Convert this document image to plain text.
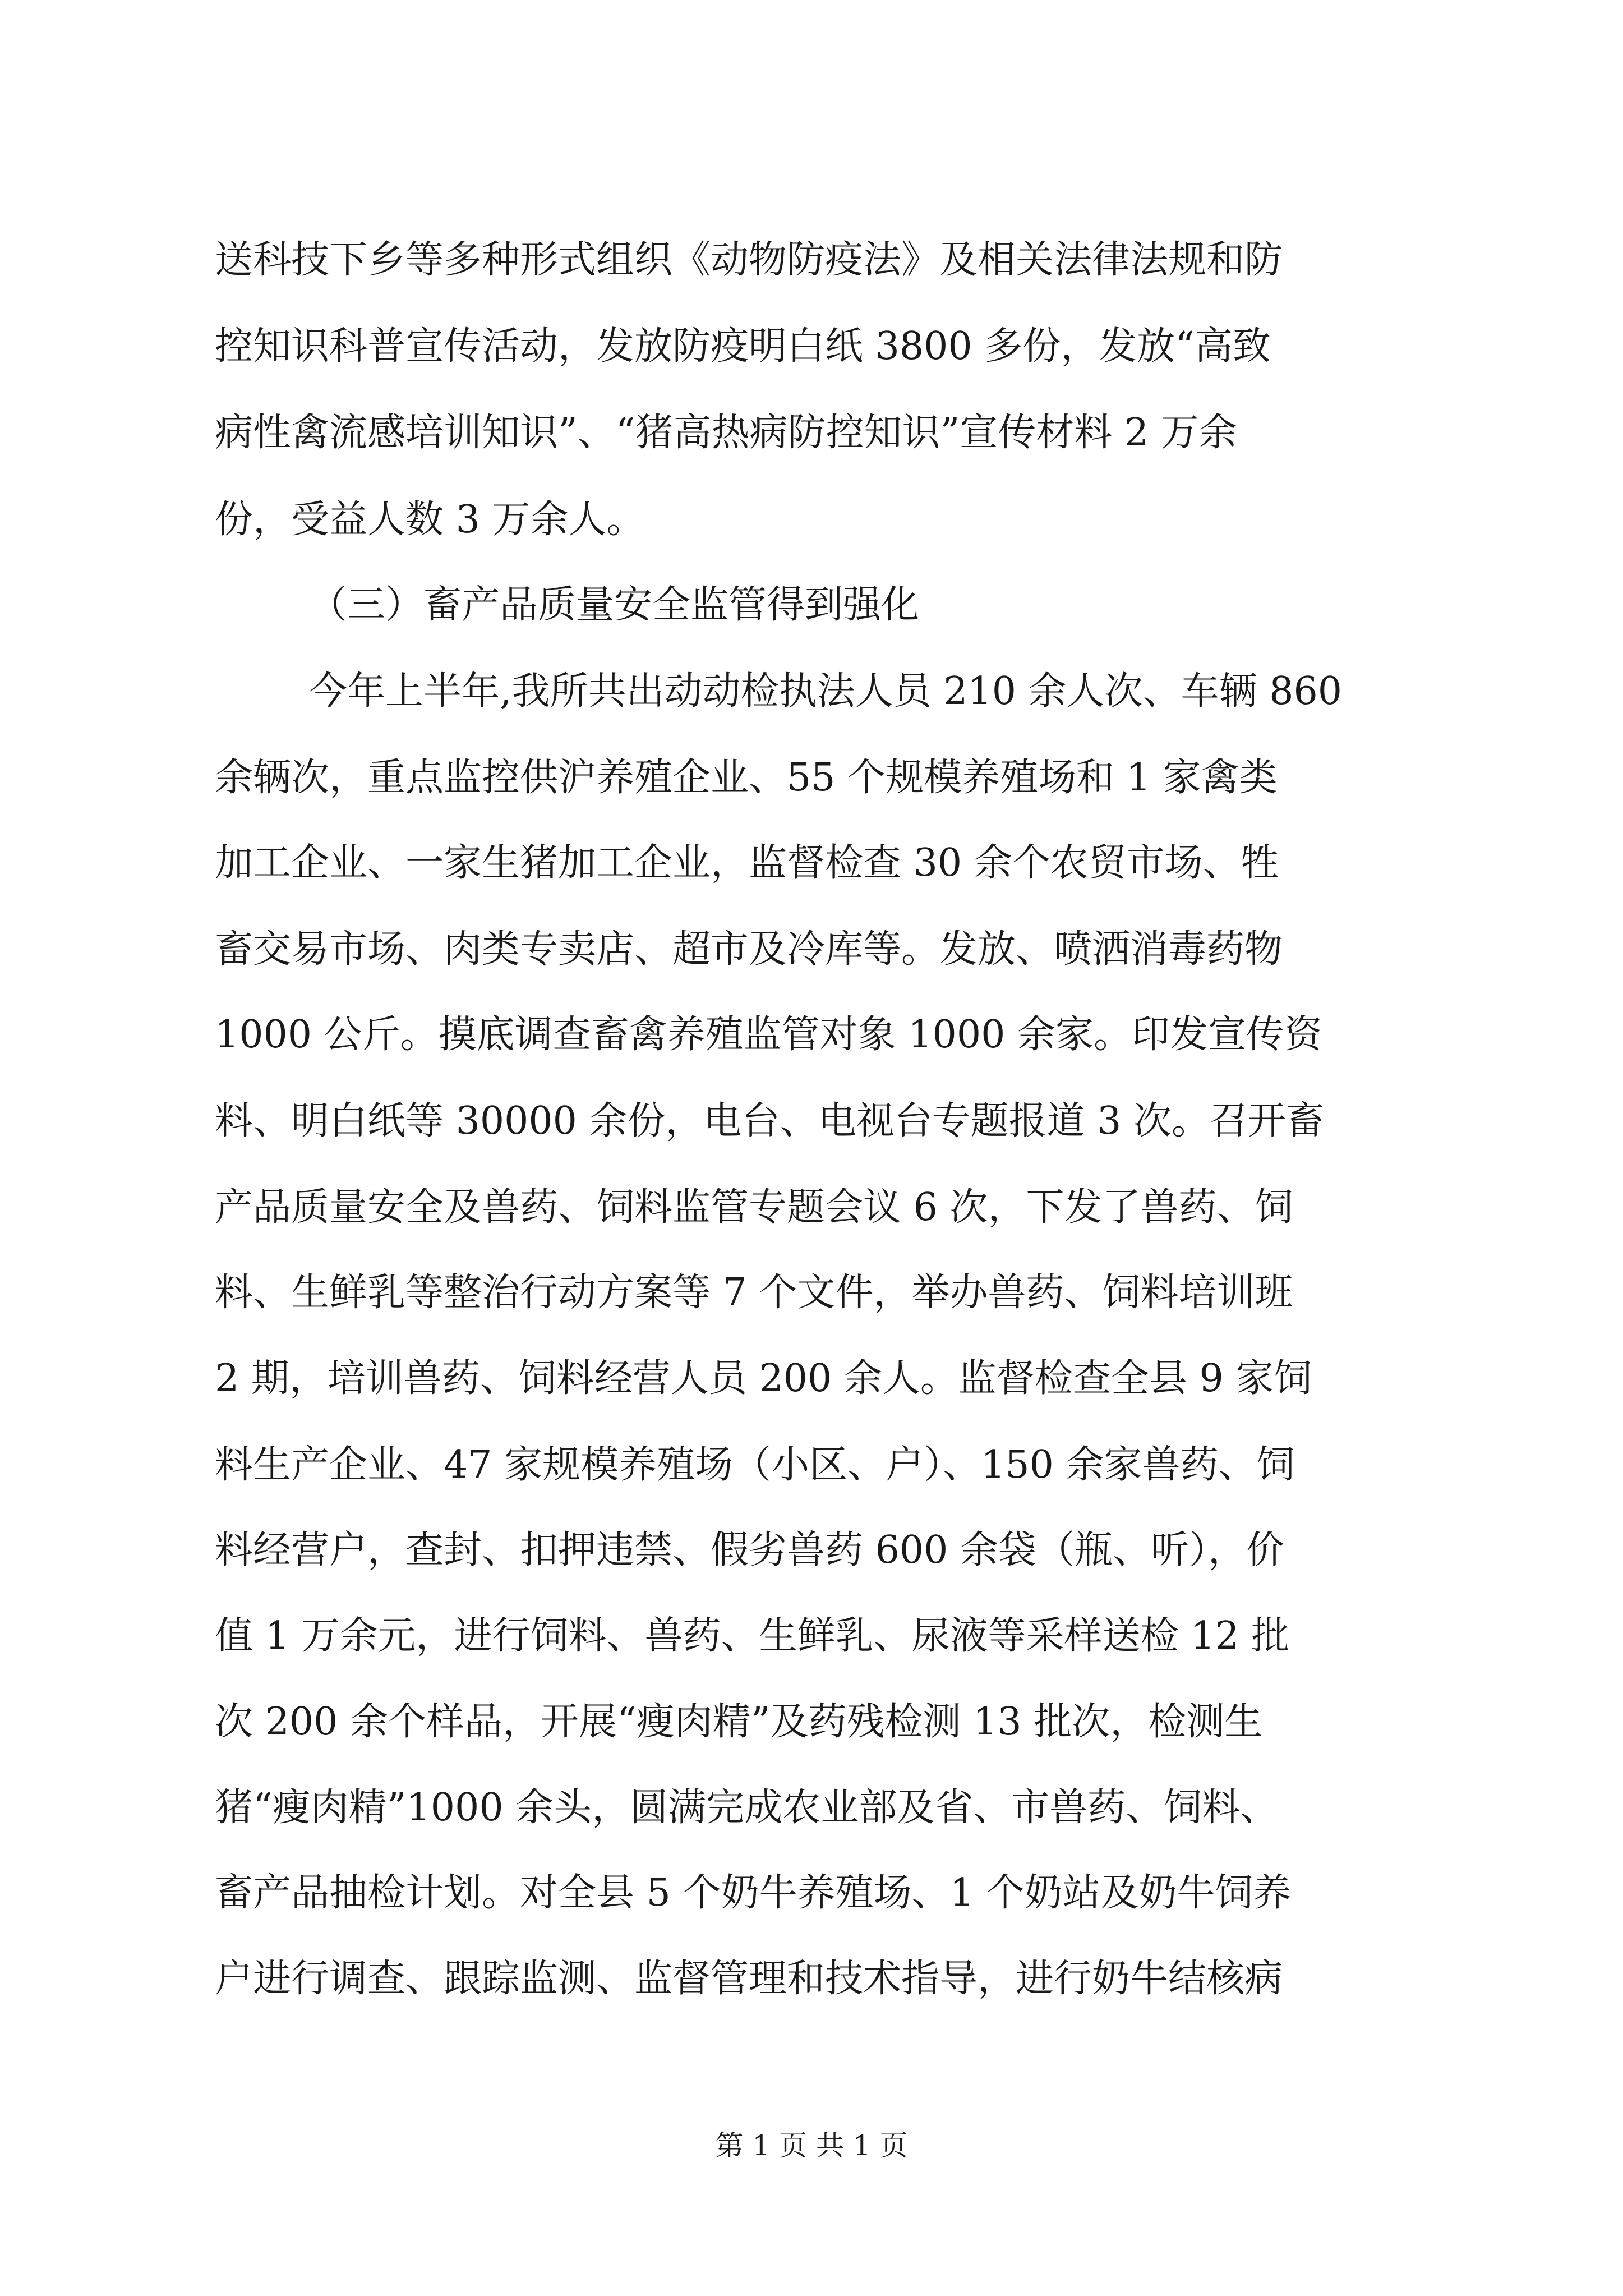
送科技下乡等多种形式组织《动物防疫法》及相关法律法规和防
控知识科普宣传活动，发放防疫明白纸 3800 多份，发放“高致
病性禽流感培训知识”、“猪高热病防控知识”宣传材料 2 万余
份，受益人数 3 万余人。
（三）畜产品质量安全监管得到强化
今年上半年,我所共出动动检执法人员 210 余人次、车辆 860
余辆次，重点监控供沪养殖企业、55 个规模养殖场和 1 家禽类
加工企业、一家生猪加工企业，监督检查 30 余个农贸市场、牲
畜交易市场、肉类专卖店、超市及冷库等。发放、喷洒消毒药物
1000 公斤。摸底调查畜禽养殖监管对象 1000 余家。印发宣传资
料、明白纸等 30000 余份，电台、电视台专题报道 3 次。召开畜
产品质量安全及兽药、饲料监管专题会议 6 次，下发了兽药、饲
料、生鲜乳等整治行动方案等 7 个文件，举办兽药、饲料培训班
2 期，培训兽药、饲料经营人员 200 余人。监督检查全县 9 家饲
料生产企业、47 家规模养殖场（小区、户）、150 余家兽药、饲
料经营户，查封、扣押违禁、假劣兽药 600 余袋（瓶、听），价
值 1 万余元，进行饲料、兽药、生鲜乳、尿液等采样送检 12 批
次 200 余个样品，开展“瘦肉精”及药残检测 13 批次，检测生
猪“瘦肉精”1000 余头，圆满完成农业部及省、市兽药、饲料、
畜产品抽检计划。对全县 5 个奶牛养殖场、1 个奶站及奶牛饲养
户进行调查、跟踪监测、监督管理和技术指导，进行奶牛结核病
第 1 页 共 1 页
